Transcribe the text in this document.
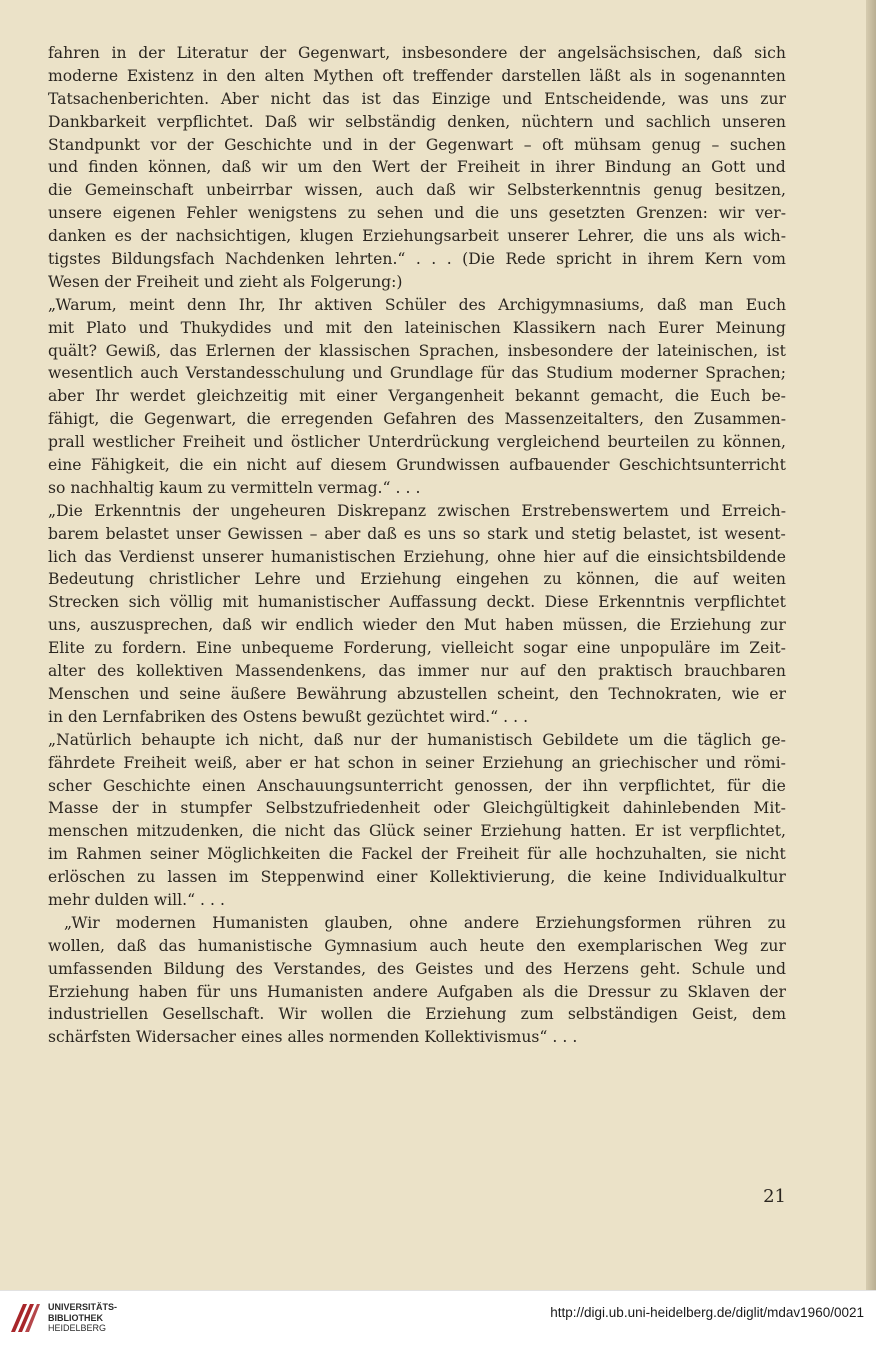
fahren in der Literatur der Gegenwart, insbesondere der angelsächsischen, daß sich
moderne Existenz in den alten Mythen oft treffender darstellen läßt als in sogenannten
Tatsachenberichten. Aber nicht das ist das Einzige und Entscheidende, was uns zur
Dankbarkeit verpflichtet. Daß wir selbständig denken, nüchtern und sachlich unseren
Standpunkt vor der Geschichte und in der Gegenwart – oft mühsam genug – suchen
und finden können, daß wir um den Wert der Freiheit in ihrer Bindung an Gott und
die Gemeinschaft unbeirrbar wissen, auch daß wir Selbsterkenntnis genug besitzen,
unsere eigenen Fehler wenigstens zu sehen und die uns gesetzten Grenzen: wir ver-
danken es der nachsichtigen, klugen Erziehungsarbeit unserer Lehrer, die uns als wich-
tigstes Bildungsfach Nachdenken lehrten.“ . . . (Die Rede spricht in ihrem Kern vom
Wesen der Freiheit und zieht als Folgerung:)
„Warum, meint denn Ihr, Ihr aktiven Schüler des Archigymnasiums, daß man Euch
mit Plato und Thukydides und mit den lateinischen Klassikern nach Eurer Meinung
quält? Gewiß, das Erlernen der klassischen Sprachen, insbesondere der lateinischen, ist
wesentlich auch Verstandesschulung und Grundlage für das Studium moderner Sprachen;
aber Ihr werdet gleichzeitig mit einer Vergangenheit bekannt gemacht, die Euch be-
fähigt, die Gegenwart, die erregenden Gefahren des Massenzeitalters, den Zusammen-
prall westlicher Freiheit und östlicher Unterdrückung vergleichend beurteilen zu können,
eine Fähigkeit, die ein nicht auf diesem Grundwissen aufbauender Geschichtsunterricht
so nachhaltig kaum zu vermitteln vermag.“ . . .
„Die Erkenntnis der ungeheuren Diskrepanz zwischen Erstrebenswertem und Erreich-
barem belastet unser Gewissen – aber daß es uns so stark und stetig belastet, ist wesent-
lich das Verdienst unserer humanistischen Erziehung, ohne hier auf die einsichtsbildende
Bedeutung christlicher Lehre und Erziehung eingehen zu können, die auf weiten
Strecken sich völlig mit humanistischer Auffassung deckt. Diese Erkenntnis verpflichtet
uns, auszusprechen, daß wir endlich wieder den Mut haben müssen, die Erziehung zur
Elite zu fordern. Eine unbequeme Forderung, vielleicht sogar eine unpopuläre im Zeit-
alter des kollektiven Massendenkens, das immer nur auf den praktisch brauchbaren
Menschen und seine äußere Bewährung abzustellen scheint, den Technokraten, wie er
in den Lernfabriken des Ostens bewußt gezüchtet wird.“ . . .
„Natürlich behaupte ich nicht, daß nur der humanistisch Gebildete um die täglich ge-
fährdete Freiheit weiß, aber er hat schon in seiner Erziehung an griechischer und römi-
scher Geschichte einen Anschauungsunterricht genossen, der ihn verpflichtet, für die
Masse der in stumpfer Selbstzufriedenheit oder Gleichgültigkeit dahinlebenden Mit-
menschen mitzudenken, die nicht das Glück seiner Erziehung hatten. Er ist verpflichtet,
im Rahmen seiner Möglichkeiten die Fackel der Freiheit für alle hochzuhalten, sie nicht
erlöschen zu lassen im Steppenwind einer Kollektivierung, die keine Individualkultur
mehr dulden will.“ . . .
„Wir modernen Humanisten glauben, ohne andere Erziehungsformen rühren zu
wollen, daß das humanistische Gymnasium auch heute den exemplarischen Weg zur
umfassenden Bildung des Verstandes, des Geistes und des Herzens geht. Schule und
Erziehung haben für uns Humanisten andere Aufgaben als die Dressur zu Sklaven der
industriellen Gesellschaft. Wir wollen die Erziehung zum selbständigen Geist, dem
schärfsten Widersacher eines alles normenden Kollektivismus“ . . .
21
UNIVERSITÄTS-
BIBLIOTHEK
HEIDELBERG
http://digi.ub.uni-heidelberg.de/diglit/mdav1960/0021
